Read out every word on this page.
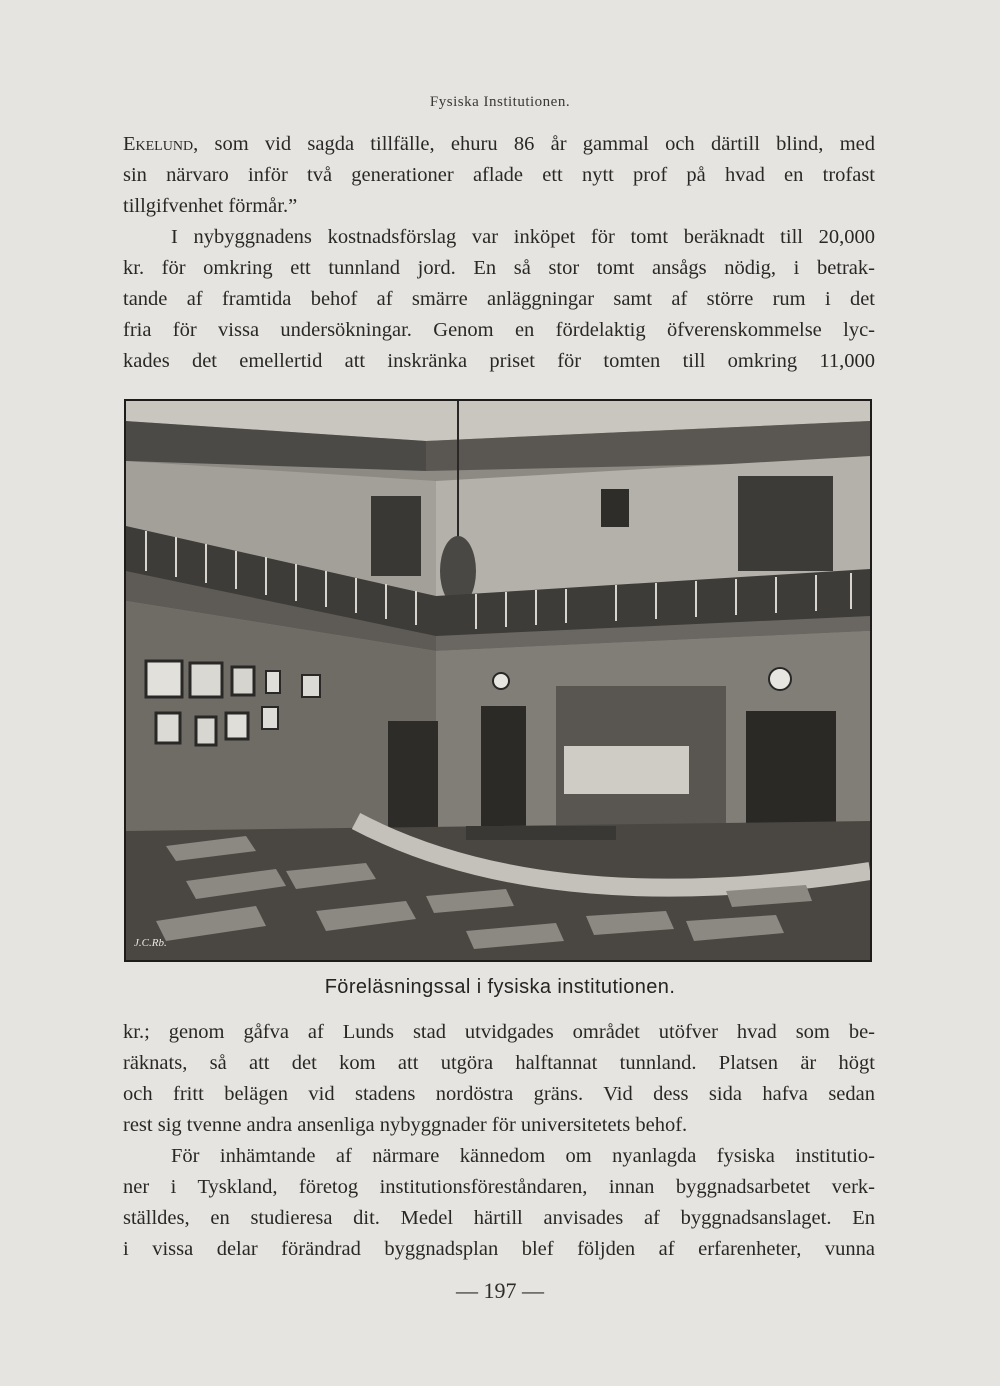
Fysiska Institutionen.

Ekelund, som vid sagda tillfälle, ehuru 86 år gammal och därtill blind, med
sin närvaro inför två generationer aflade ett nytt prof på hvad en trofast
tillgifvenhet förmår.”

I nybyggnadens kostnadsförslag var inköpet för tomt beräknadt till 20,000
kr. för omkring ett tunnland jord. En så stor tomt ansågs nödig, i betrak-
tande af framtida behof af smärre anläggningar samt af större rum i det
fria för vissa undersökningar. Genom en fördelaktig öfverenskommelse lyc-
kades det emellertid att inskränka priset för tomten till omkring 11,000

J.C.Rb.
Föreläsningssal i fysiska institutionen.

kr.; genom gåfva af Lunds stad utvidgades området utöfver hvad som be-
räknats, så att det kom att utgöra halftannat tunnland. Platsen är högt
och fritt belägen vid stadens nordöstra gräns. Vid dess sida hafva sedan
rest sig tvenne andra ansenliga nybyggnader för universitetets behof.

För inhämtande af närmare kännedom om nyanlagda fysiska institutio-
ner i Tyskland, företog institutionsföreståndaren, innan byggnadsarbetet verk-
ställdes, en studieresa dit. Medel härtill anvisades af byggnadsanslaget. En
i vissa delar förändrad byggnadsplan blef följden af erfarenheter, vunna

— 197 —
